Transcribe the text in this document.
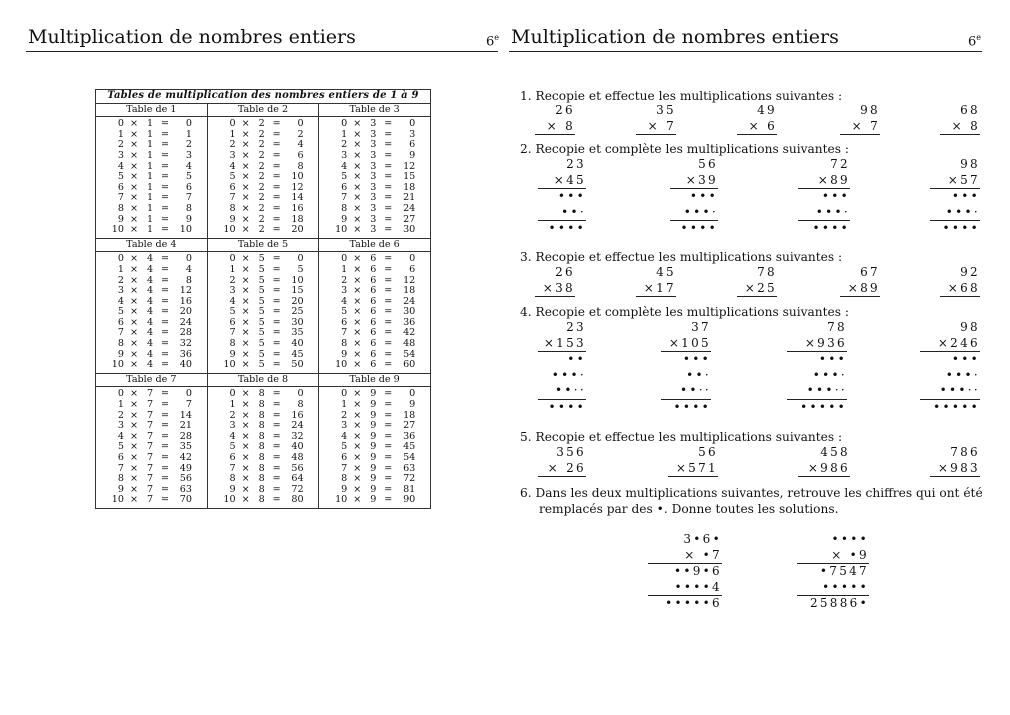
Multiplication de nombres entiers	6e Multiplication de nombres entiers	6e
Tables de multiplication des nombres entiers de 1 à 9		
Table de 1	Table de 2	Table de 3

0 × 1 = 0	0 × 2 = 0	0 × 3 = 0

1 × 1 = 1	1 × 2 = 2	1 × 3 = 3

2 × 1 = 2	2 × 2 = 4	2 × 3 = 6

3 × 1 = 3	3 × 2 = 6	3 × 3 = 9

4 × 1 = 4	4 × 2 = 8	4 × 3 = 12

5 × 1 = 5	5 × 2 = 10	5 × 3 = 15

6 × 1 = 6	6 × 2 = 12	6 × 3 = 18

7 × 1 = 7	7 × 2 = 14	7 × 3 = 21

8 × 1 = 8	8 × 2 = 16	8 × 3 = 24

9 × 1 = 9	9 × 2 = 18	9 × 3 = 27

10 × 1 = 10	10 × 2 = 20	10 × 3 = 30

Table de 4	Table de 5	Table de 6

0 × 4 = 0	0 × 5 = 0	0 × 6 = 0

1 × 4 = 4	1 × 5 = 5	1 × 6 = 6

2 × 4 = 8	2 × 5 = 10	2 × 6 = 12

3 × 4 = 12	3 × 5 = 15	3 × 6 = 18

4 × 4 = 16	4 × 5 = 20	4 × 6 = 24

5 × 4 = 20	5 × 5 = 25	5 × 6 = 30

6 × 4 = 24	6 × 5 = 30	6 × 6 = 36

7 × 4 = 28	7 × 5 = 35	7 × 6 = 42

8 × 4 = 32	8 × 5 = 40	8 × 6 = 48

9 × 4 = 36	9 × 5 = 45	9 × 6 = 54

10 × 4 = 40	10 × 5 = 50	10 × 6 = 60

Table de 7	Table de 8	Table de 9

0 × 7 = 0	0 × 8 = 0	0 × 9 = 0

1 × 7 = 7	1 × 8 = 8	1 × 9 = 9

2 × 7 = 14	2 × 8 = 16	2 × 9 = 18

3 × 7 = 21	3 × 8 = 24	3 × 9 = 27

4 × 7 = 28	4 × 8 = 32	4 × 9 = 36

5 × 7 = 35	5 × 8 = 40	5 × 9 = 45

6 × 7 = 42	6 × 8 = 48	6 × 9 = 54

7 × 7 = 49	7 × 8 = 56	7 × 9 = 63

8 × 7 = 56	8 × 8 = 64	8 × 9 = 72

9 × 7 = 63	9 × 8 = 72	9 × 9 = 81

10 × 7 = 70	10 × 8 = 80	10 × 9 = 90
1. Recopie et effectue les multiplications suivantes :
2. Recopie et complète les multiplications suivantes :
3. Recopie et effectue les multiplications suivantes :
4. Recopie et complète les multiplications suivantes :
5. Recopie et effectue les multiplications suivantes :
6. Dans les deux multiplications suivantes, retrouve les chiffres qui ont été
remplacés par des •. Donne toutes les solutions.
26
× 8
35
× 7
49
× 6
98
× 7
68
× 8
23
×45
•••
••·
••••
56
×39
•••
•••·
••••
72
×89
•••
•••·
••••
98
×57
•••
•••·
••••
26
×38
45
×17
78
×25
67
×89
92
×68
23
×153
••
•••·
••··
••••
37
×105
•••
••·
••··
••••
78
×936
•••
•••·
•••··
•••••
98
×246
•••
•••·
•••··
•••••
356
× 26
56
×571
458
×986
786
×983
3•6•
× •7
••9•6
••••4
•••••6
••••
× •9
•7547
•••••
25886•
